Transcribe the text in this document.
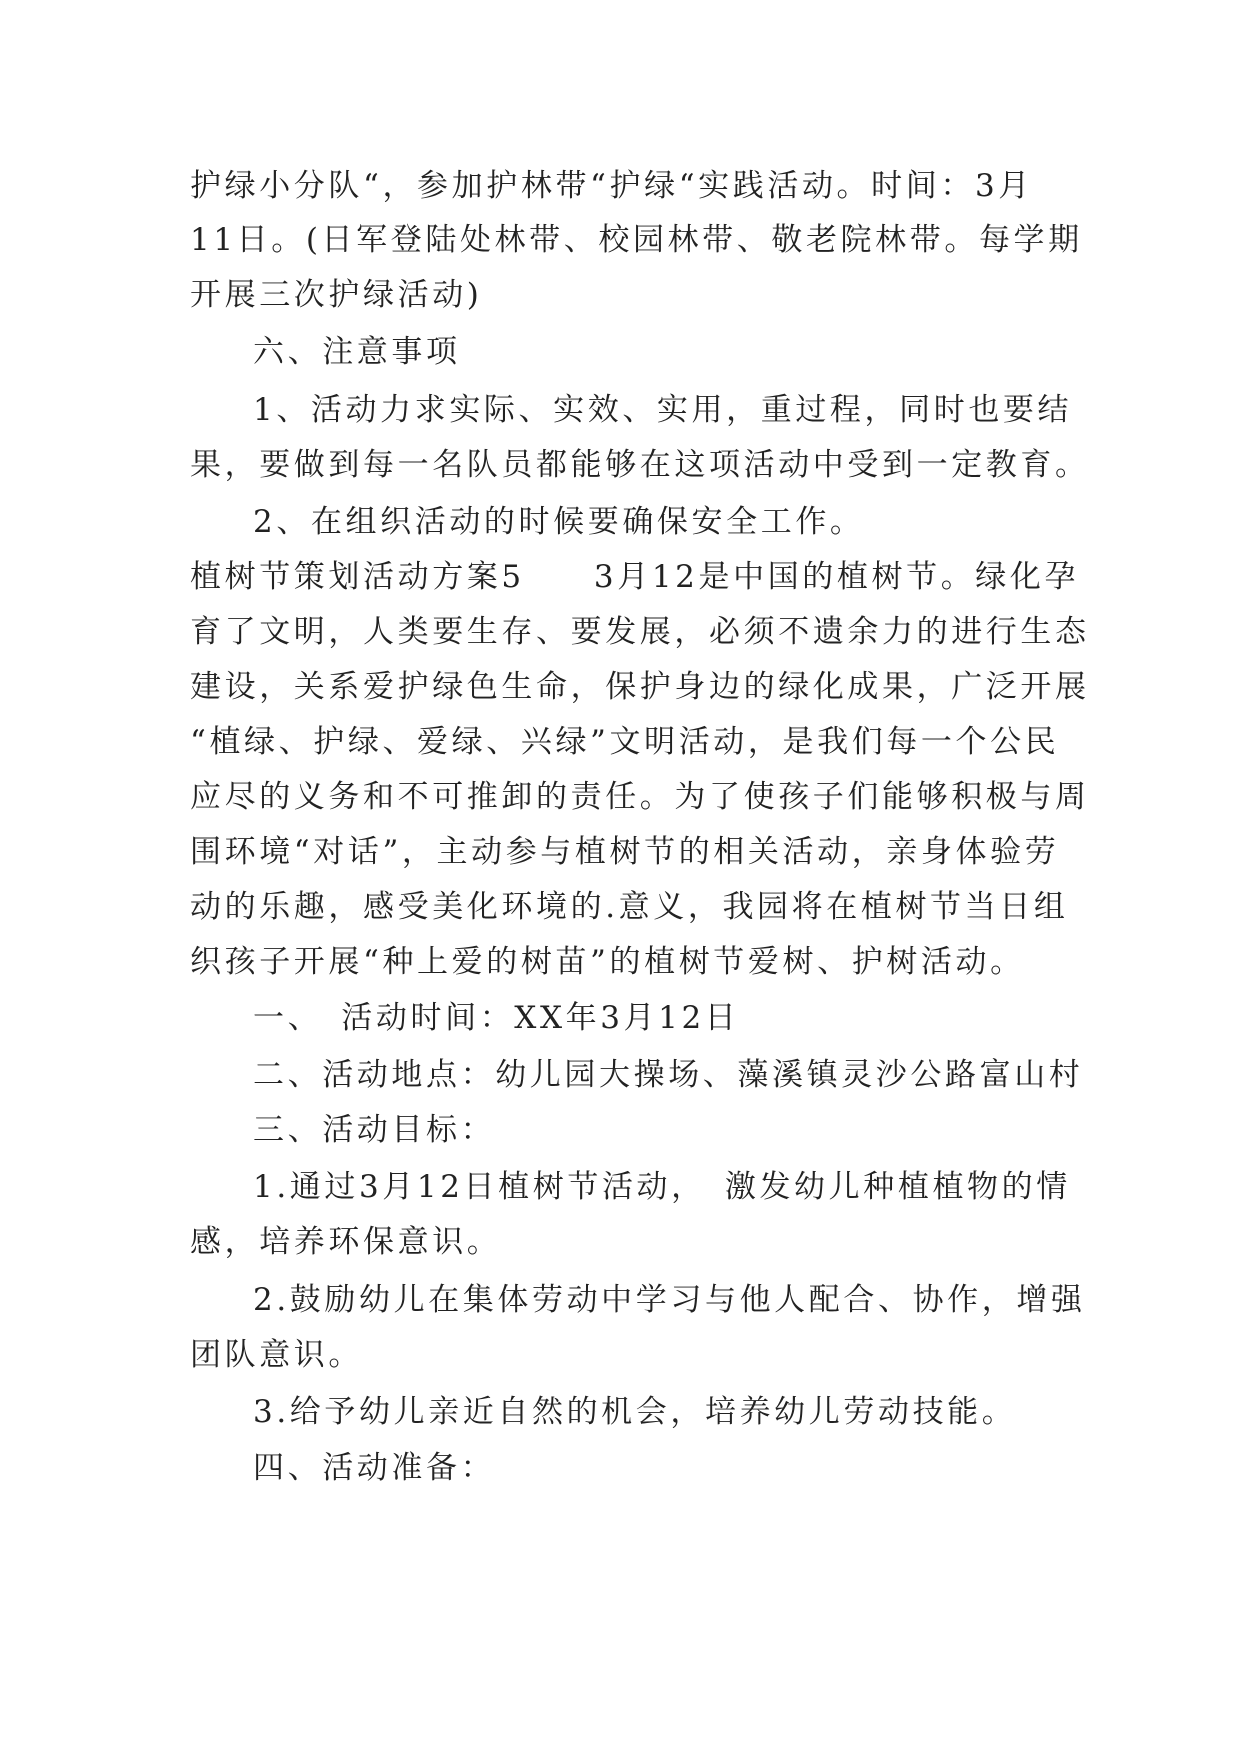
护绿小分队“，参加护林带“护绿“实践活动。时间：3月
11日。(日军登陆处林带、校园林带、敬老院林带。每学期
开展三次护绿活动)
六、注意事项
1、活动力求实际、实效、实用，重过程，同时也要结
果，要做到每一名队员都能够在这项活动中受到一定教育。
2、在组织活动的时候要确保安全工作。
植树节策划活动方案5　　3月12是中国的植树节。绿化孕
育了文明，人类要生存、要发展，必须不遗余力的进行生态
建设，关系爱护绿色生命，保护身边的绿化成果，广泛开展
“植绿、护绿、爱绿、兴绿”文明活动，是我们每一个公民
应尽的义务和不可推卸的责任。为了使孩子们能够积极与周
围环境“对话”，主动参与植树节的相关活动，亲身体验劳
动的乐趣，感受美化环境的.意义，我园将在植树节当日组
织孩子开展“种上爱的树苗”的植树节爱树、护树活动。
一、　活动时间：XX年3月12日
二、活动地点：幼儿园大操场、藻溪镇灵沙公路富山村
三、活动目标：
1.通过3月12日植树节活动，　激发幼儿种植植物的情
感，培养环保意识。
2.鼓励幼儿在集体劳动中学习与他人配合、协作，增强
团队意识。
3.给予幼儿亲近自然的机会，培养幼儿劳动技能。
四、活动准备：
